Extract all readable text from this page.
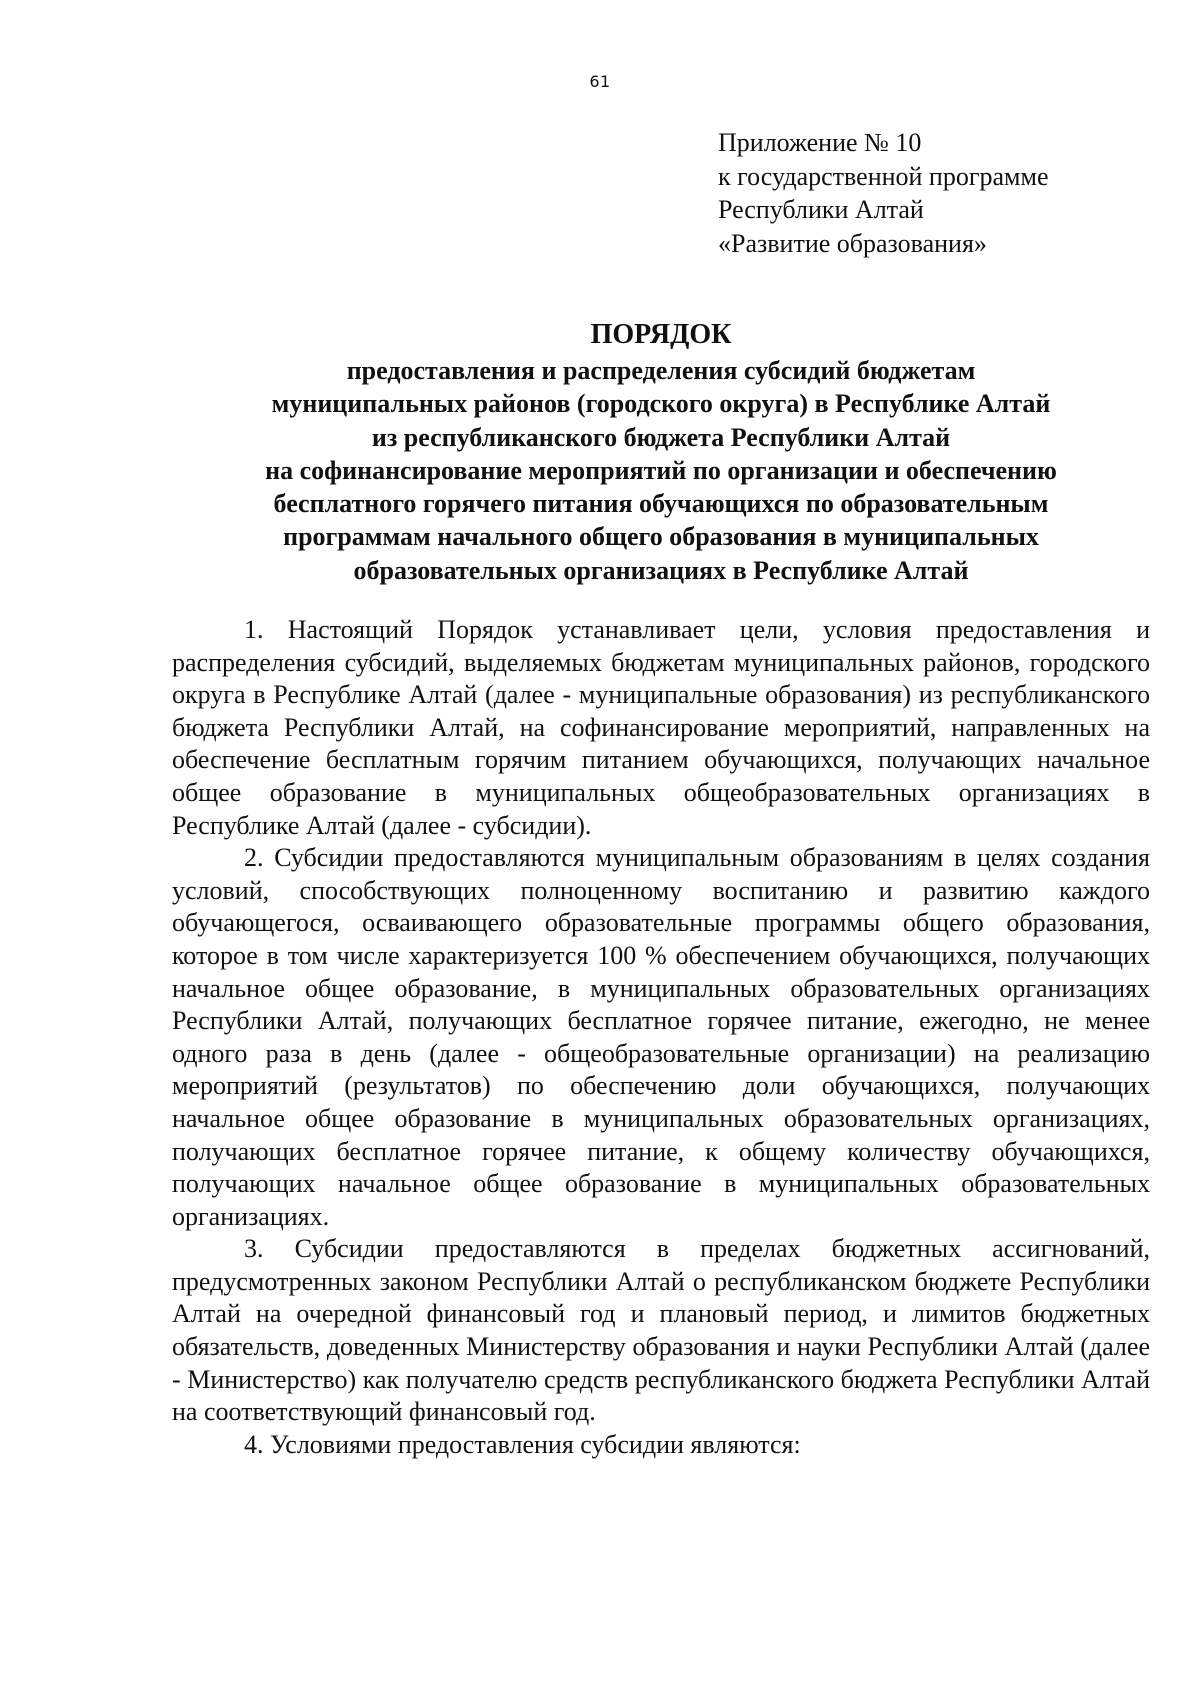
61
Приложение № 10
к государственной программе
Республики Алтай
«Развитие образования»
ПОРЯДОК
предоставления и распределения субсидий бюджетам
муниципальных районов (городского округа) в Республике Алтай
из республиканского бюджета Республики Алтай
на софинансирование мероприятий по организации и обеспечению
бесплатного горячего питания обучающихся по образовательным
программам начального общего образования в муниципальных
образовательных организациях в Республике Алтай

1. Настоящий Порядок устанавливает цели, условия предоставления и распределения субсидий, выделяемых бюджетам муниципальных районов, городского округа в Республике Алтай (далее - муниципальные образования) из республиканского бюджета Республики Алтай, на софинансирование мероприятий, направленных на обеспечение бесплатным горячим питанием обучающихся, получающих начальное общее образование в муниципальных общеобразовательных организациях в Республике Алтай (далее - субсидии).

2. Субсидии предоставляются муниципальным образованиям в целях создания условий, способствующих полноценному воспитанию и развитию каждого обучающегося, осваивающего образовательные программы общего образования, которое в том числе характеризуется 100 % обеспечением обучающихся, получающих начальное общее образование, в муниципальных образовательных организациях Республики Алтай, получающих бесплатное горячее питание, ежегодно, не менее одного раза в день (далее - общеобразовательные организации) на реализацию мероприятий (результатов) по обеспечению доли обучающихся, получающих начальное общее образование в муниципальных образовательных организациях, получающих бесплатное горячее питание, к общему количеству обучающихся, получающих начальное общее образование в муниципальных образовательных организациях.

3. Субсидии предоставляются в пределах бюджетных ассигнований, предусмотренных законом Республики Алтай о республиканском бюджете Республики Алтай на очередной финансовый год и плановый период, и лимитов бюджетных обязательств, доведенных Министерству образования и науки Республики Алтай (далее - Министерство) как получателю средств республиканского бюджета Республики Алтай на соответствующий финансовый год.

4. Условиями предоставления субсидии являются:
